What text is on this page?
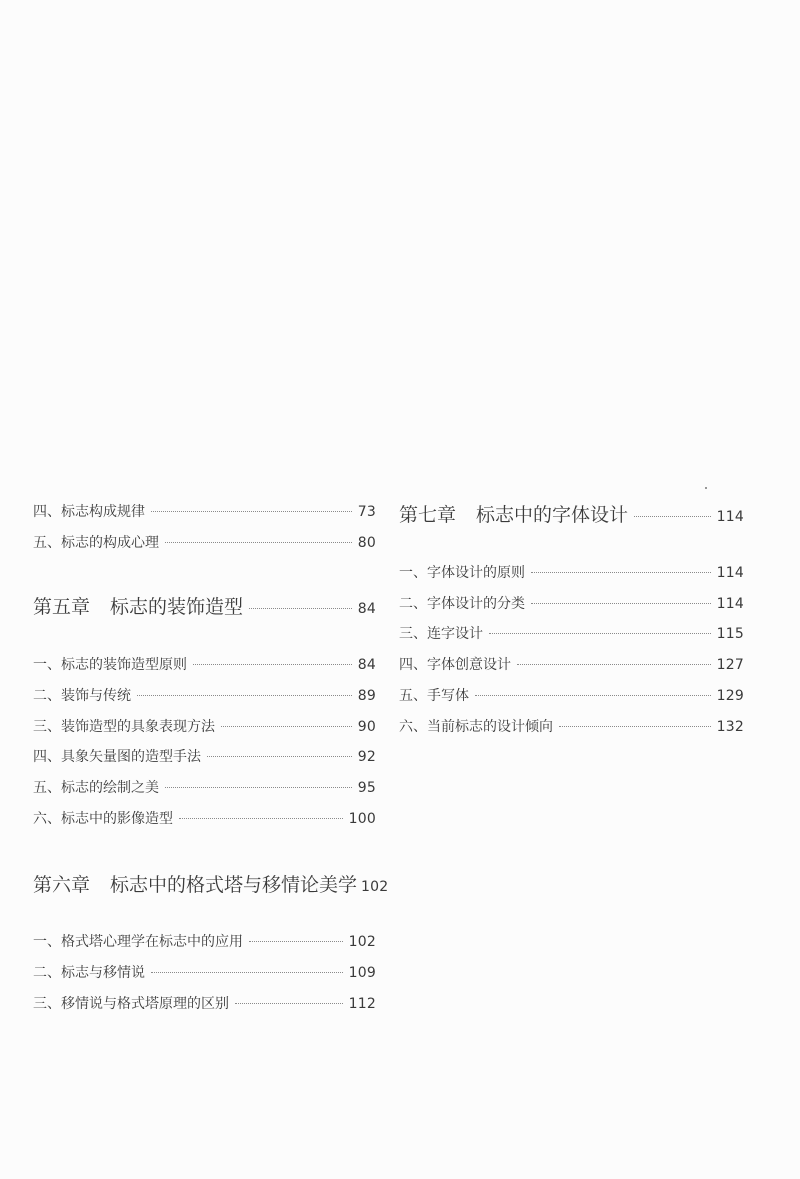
四、标志构成规律	73
五、标志的构成心理	80
第五章 标志的装饰造型	84
一、标志的装饰造型原则	84
二、装饰与传统	89
三、装饰造型的具象表现方法	90
四、具象矢量图的造型手法	92
五、标志的绘制之美	95
六、标志中的影像造型	100
第六章 标志中的格式塔与移情论美学 102
一、格式塔心理学在标志中的应用	102
二、标志与移情说	109
三、移情说与格式塔原理的区别	112
第七章 标志中的字体设计	114
一、字体设计的原则	114
二、字体设计的分类	114
三、连字设计	115
四、字体创意设计	127
五、手写体	129
六、当前标志的设计倾向	132
